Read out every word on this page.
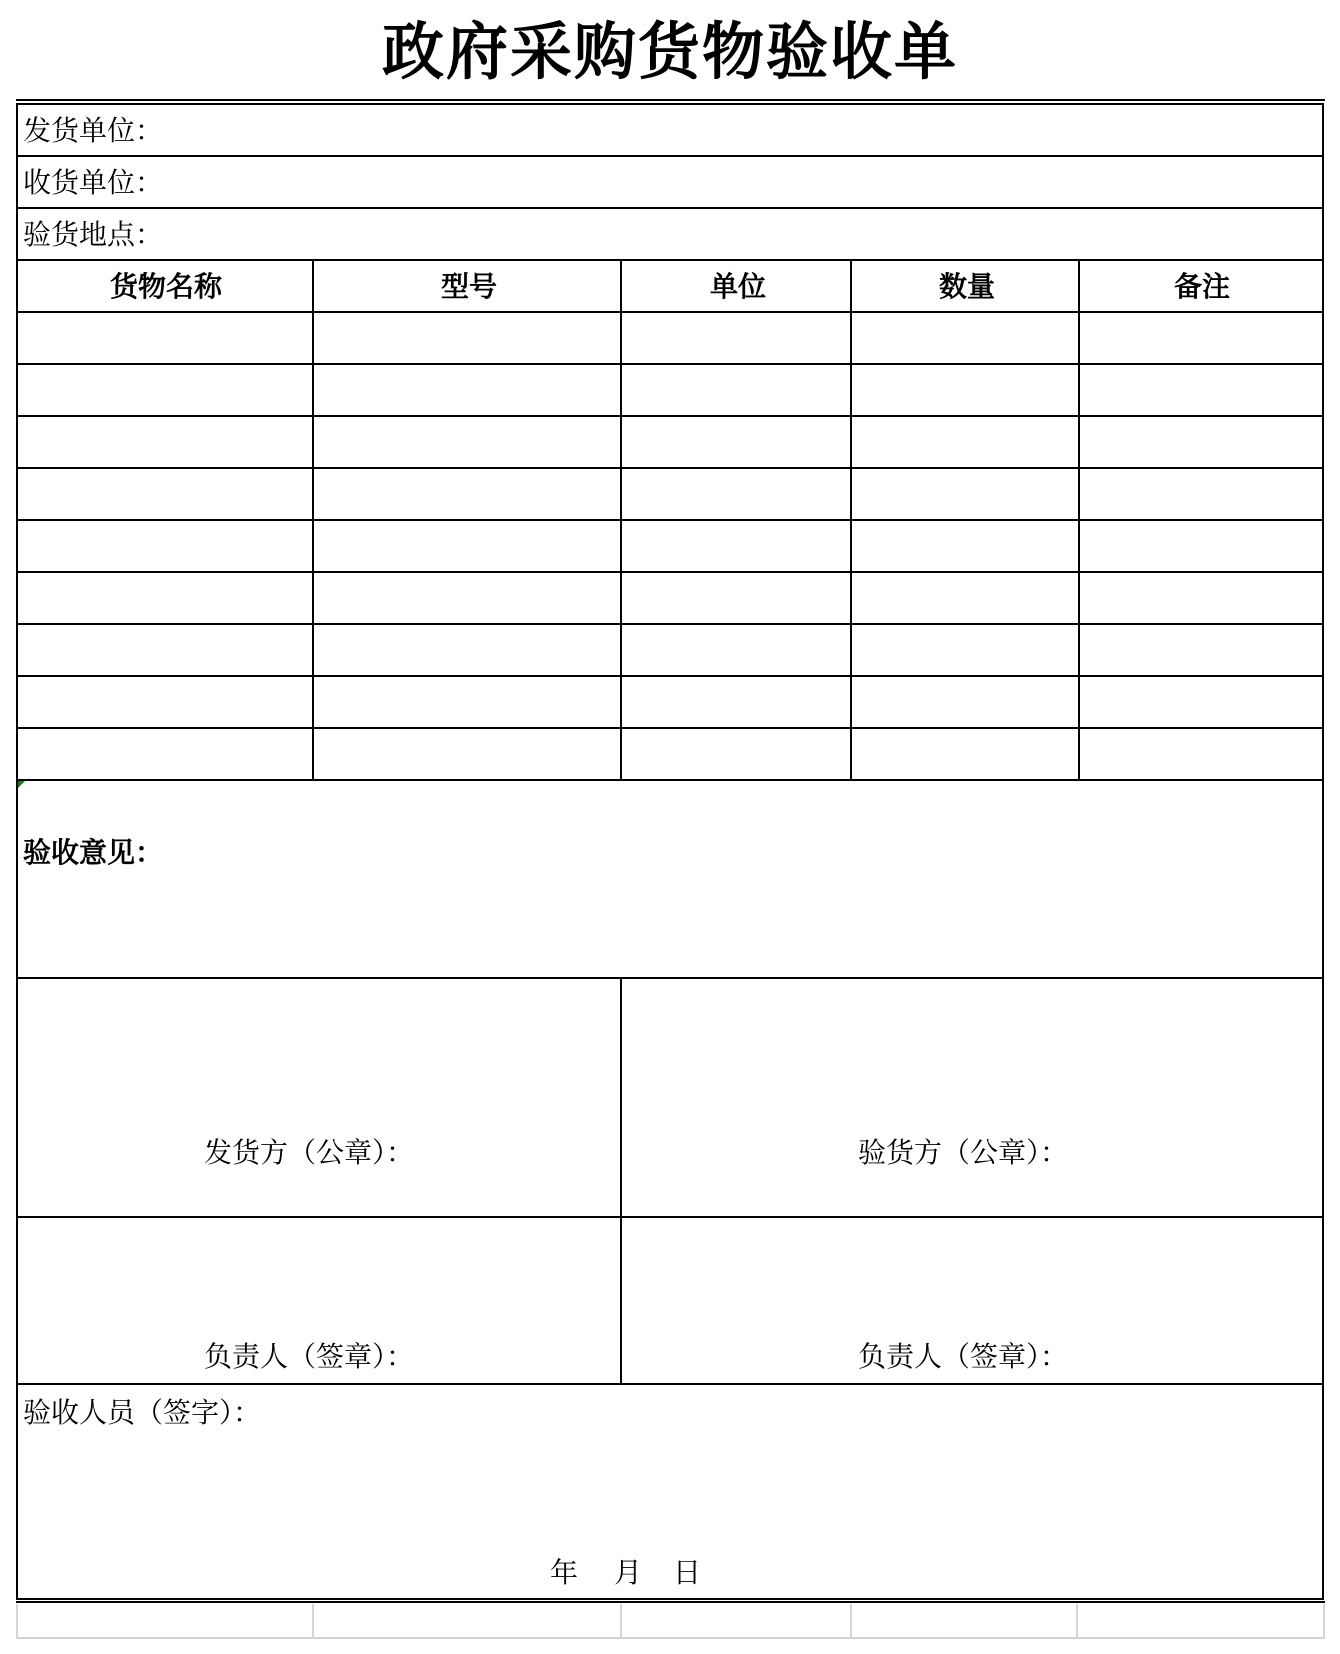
政府采购货物验收单
发货单位：
收货单位：
验货地点：
货物名称	型号	单位	数量	备注
验收意见：
发货方（公章）：	验货方（公章）：
负责人（签章）：	负责人（签章）：
验收人员（签字）：
年 月 日
